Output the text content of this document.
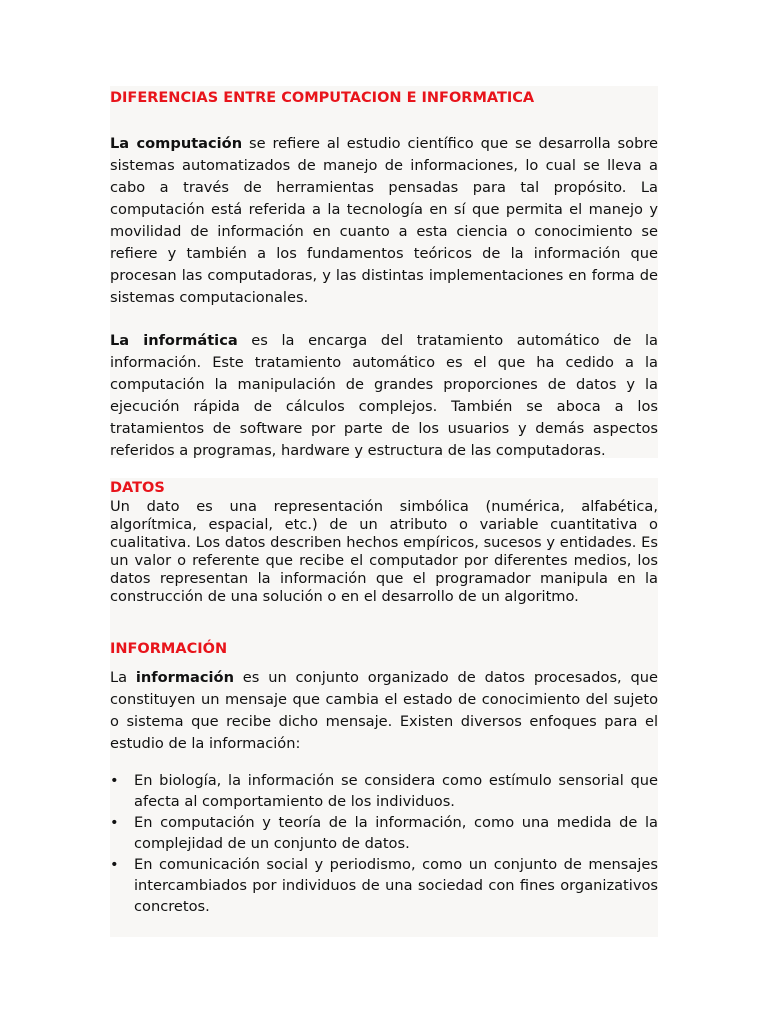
DIFERENCIAS ENTRE COMPUTACION E INFORMATICA

La computación se refiere al estudio científico que se desarrolla sobre sistemas automatizados de manejo de informaciones, lo cual se lleva a cabo a través de herramientas pensadas para tal propósito. La computación está referida a la tecnología en sí que permita el manejo y movilidad de información en cuanto a esta ciencia o conocimiento se refiere y también a los fundamentos teóricos de la información que procesan las computadoras, y las distintas implementaciones en forma de sistemas computacionales.

La informática es la encarga del tratamiento automático de la información. Este tratamiento automático es el que ha cedido a la computación la manipulación de grandes proporciones de datos y la ejecución rápida de cálculos complejos. También se aboca a los tratamientos de software por parte de los usuarios y demás aspectos referidos a programas, hardware y estructura de las computadoras.

DATOS

Un dato es una representación simbólica (numérica, alfabética, algorítmica, espacial, etc.) de un atributo o variable cuantitativa o cualitativa. Los datos describen hechos empíricos, sucesos y entidades. Es un valor o referente que recibe el computador por diferentes medios, los datos representan la información que el programador manipula en la construcción de una solución o en el desarrollo de un algoritmo.

INFORMACIÓN

La información es un conjunto organizado de datos procesados, que constituyen un mensaje que cambia el estado de conocimiento del sujeto o sistema que recibe dicho mensaje. Existen diversos enfoques para el estudio de la información:

• En biología, la información se considera como estímulo sensorial que afecta al comportamiento de los individuos.
• En computación y teoría de la información, como una medida de la complejidad de un conjunto de datos.
• En comunicación social y periodismo, como un conjunto de mensajes intercambiados por individuos de una sociedad con fines organizativos concretos.
